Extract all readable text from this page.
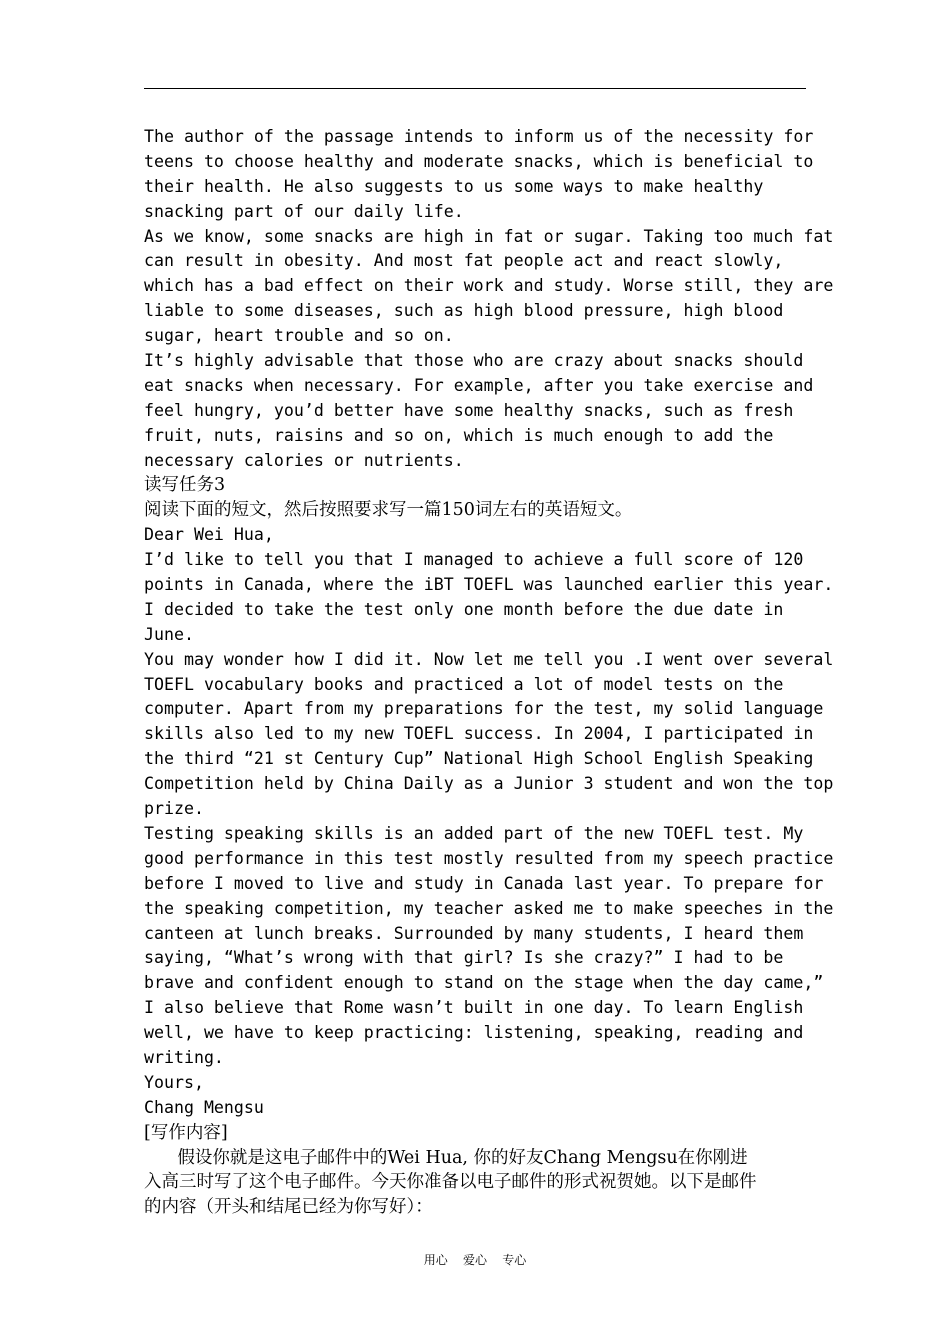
The author of the passage intends to inform us of the necessity for
teens to choose healthy and moderate snacks, which is beneficial to
their health. He also suggests to us some ways to make healthy
snacking part of our daily life.
As we know, some snacks are high in fat or sugar. Taking too much fat
can result in obesity. And most fat people act and react slowly,
which has a bad effect on their work and study. Worse still, they are
liable to some diseases, such as high blood pressure, high blood
sugar, heart trouble and so on.
It’s highly advisable that those who are crazy about snacks should
eat snacks when necessary. For example, after you take exercise and
feel hungry, you’d better have some healthy snacks, such as fresh
fruit, nuts, raisins and so on, which is much enough to add the
necessary calories or nutrients.
读写任务3
阅读下面的短文，然后按照要求写一篇150词左右的英语短文。
Dear Wei Hua,
I’d like to tell you that I managed to achieve a full score of 120
points in Canada, where the iBT TOEFL was launched earlier this year.
I decided to take the test only one month before the due date in
June.
You may wonder how I did it. Now let me tell you .I went over several
TOEFL vocabulary books and practiced a lot of model tests on the
computer. Apart from my preparations for the test, my solid language
skills also led to my new TOEFL success. In 2004, I participated in
the third “21 st Century Cup” National High School English Speaking
Competition held by China Daily as a Junior 3 student and won the top
prize.
Testing speaking skills is an added part of the new TOEFL test. My
good performance in this test mostly resulted from my speech practice
before I moved to live and study in Canada last year. To prepare for
the speaking competition, my teacher asked me to make speeches in the
canteen at lunch breaks. Surrounded by many students, I heard them
saying, “What’s wrong with that girl? Is she crazy?” I had to be
brave and confident enough to stand on the stage when the day came,”
I also believe that Rome wasn’t built in one day. To learn English
well, we have to keep practicing: listening, speaking, reading and
writing.
Yours,
Chang Mengsu
[写作内容]
假设你就是这电子邮件中的Wei Hua, 你的好友Chang Mengsu在你刚进
入高三时写了这个电子邮件。今天你准备以电子邮件的形式祝贺她。以下是邮件
的内容（开头和结尾已经为你写好）：
用心    爱心    专心
